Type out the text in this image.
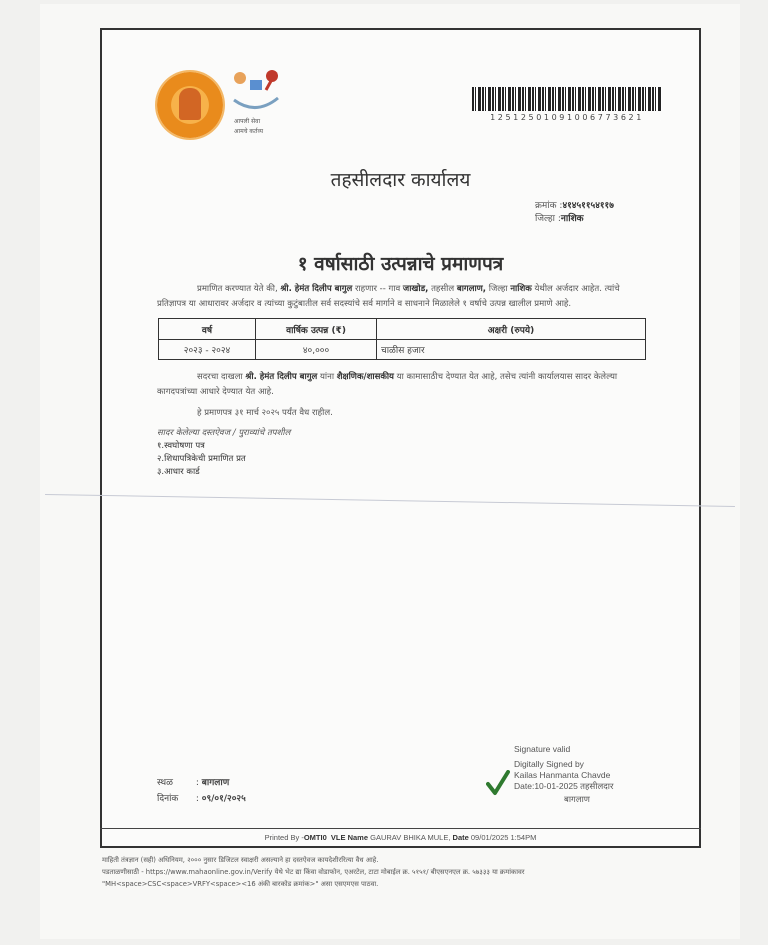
आपली सेवा
आमचे कर्तव्य
12512501091006773621
तहसीलदार कार्यालय
क्रमांक :४१४५११५४११७
जिल्हा :नाशिक
१ वर्षासाठी उत्पन्नाचे प्रमाणपत्र
प्रमाणित करण्यात येते की, श्री. हेमंत दिलीप बागुल राहणार -- गाव जाखोड, तहसील बागलाण, जिल्हा नाशिक येथील अर्जदार आहेत. त्यांचे प्रतिज्ञापत्र या आधारावर अर्जदार व त्यांच्या कुटुंबातील सर्व सदस्यांचे सर्व मार्गाने व साधनाने मिळालेले १ वर्षाचे उत्पन्न खालील प्रमाणे आहे.
वर्ष	वार्षिक उत्पन्न (₹)	अक्षरी (रुपये)
२०२३ - २०२४	४०,०००	चाळीस हजार
सदरचा दाखला श्री. हेमंत दिलीप बागुल यांना शैक्षणिक/शासकीय या कामासाठीच देण्यात येत आहे, तसेच त्यांनी कार्यालयास सादर केलेल्या कागदपत्रांच्या आधारे देण्यात येत आहे.
हे प्रमाणपत्र ३१ मार्च २०२५ पर्यंत वैध राहील.
सादर केलेल्या दस्तऐवज / पुराव्यांचे तपशील
१.स्वघोषणा पत्र
२.शिधापत्रिकेची प्रमाणित प्रत
३.आधार कार्ड
Signature valid
Digitally Signed by
Kailas Hanmanta Chavde
Date:10-01-2025 तहसीलदार
बागलाण
स्थळ : बागलाण
दिनांक : ०९/०१/२०२५
Printed By -OMTI0 VLE Name GAURAV BHIKA MULE, Date 09/01/2025 1:54PM
माहिती तंत्रज्ञान (सही) अधिनियम, २००० नुसार डिजिटल स्वाक्षरी असल्याने हा दस्तऐवज कायदेशीररित्या वैध आहे.
पडताळणीसाठी - https://www.mahaonline.gov.in/Verify येथे भेट द्या किंवा वोडाफोन, एअरटेल, टाटा मोबाईल क्र. ५१५१/ बीएसएनएल क्र. ५७३३३ या क्रमांकावर
"MH<space>CSC<space>VRFY<space><16 अंकी बारकोड क्रमांक>" असा एसएमएस पाठवा.
